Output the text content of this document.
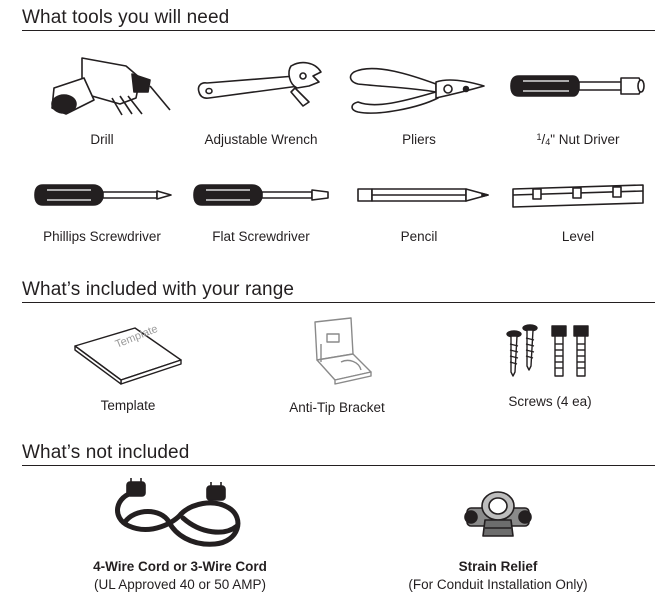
What tools you will need
Drill	Adjustable Wrench	Pliers	$^1$/4" Nut Driver
Phillips Screwdriver	Flat Screwdriver	Pencil	Level
What’s included with your range
Template
Template	Anti-Tip Bracket	Screws (4 ea)
What’s not included
4-Wire Cord or 3-Wire Cord
(UL Approved 40 or 50 AMP)
Strain Relief
(For Conduit Installation Only)
